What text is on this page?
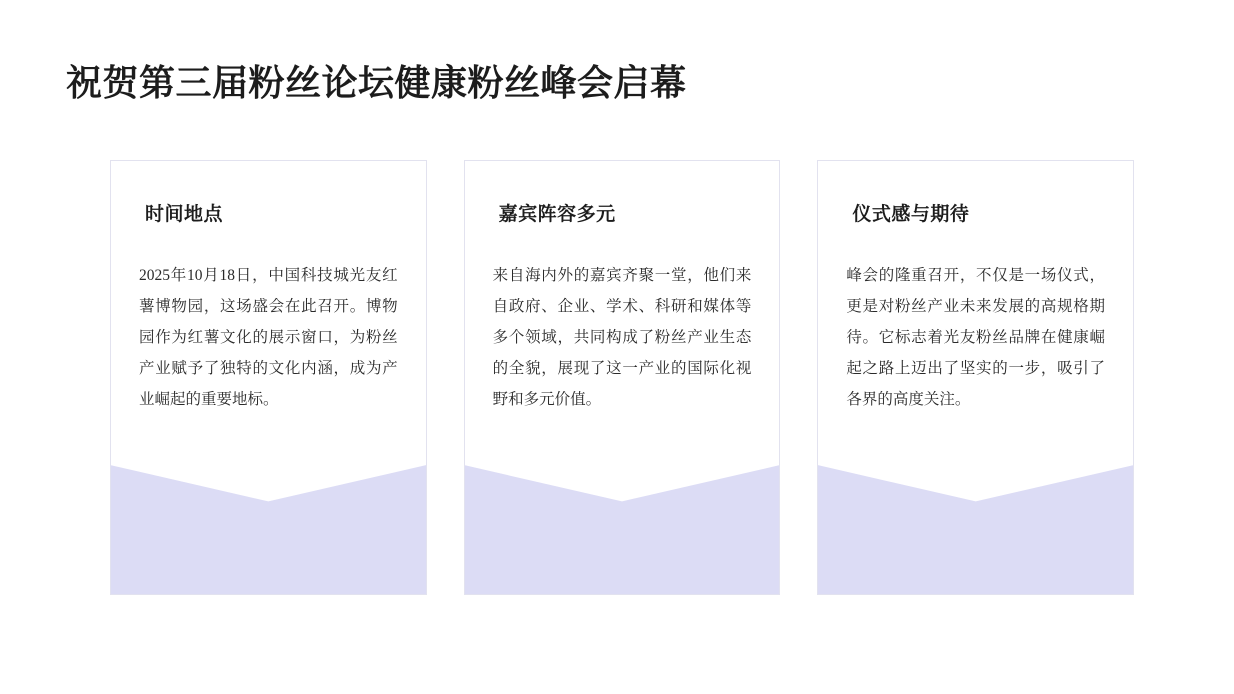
祝贺第三届粉丝论坛健康粉丝峰会启幕
时间地点

2025年10月18日，中国科技城光友红薯博物园，这场盛会在此召开。博物园作为红薯文化的展示窗口，为粉丝产业赋予了独特的文化内涵，成为产业崛起的重要地标。

嘉宾阵容多元

来自海内外的嘉宾齐聚一堂，他们来自政府、企业、学术、科研和媒体等多个领域，共同构成了粉丝产业生态的全貌，展现了这一产业的国际化视野和多元价值。

仪式感与期待

峰会的隆重召开，不仅是一场仪式，更是对粉丝产业未来发展的高规格期待。它标志着光友粉丝品牌在健康崛起之路上迈出了坚实的一步，吸引了各界的高度关注。
